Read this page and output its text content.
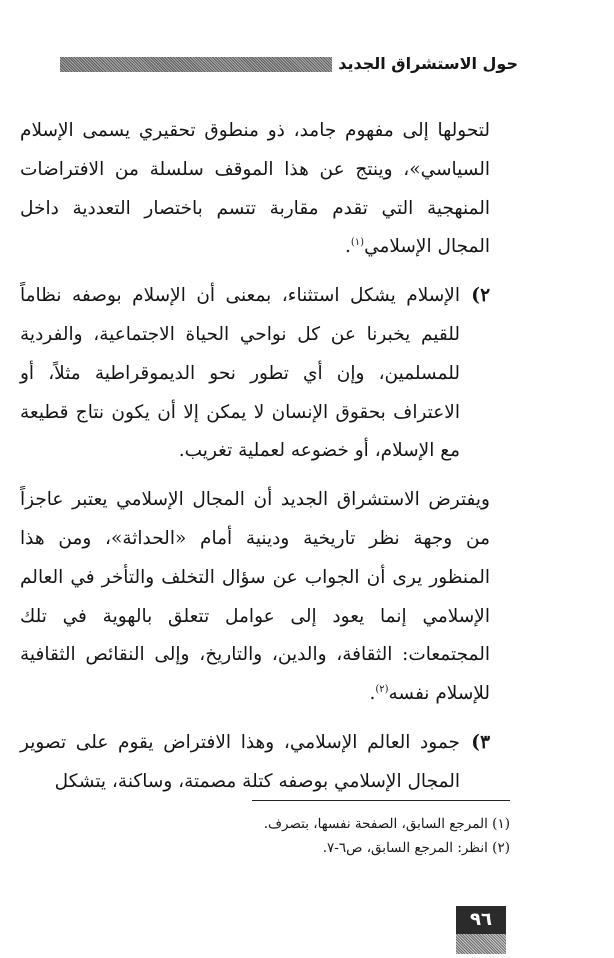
حول الاستشراق الجديد

لتحولها إلى مفهوم جامد، ذو منطوق تحقيري يسمى الإسلام السياسي»، وينتج عن هذا الموقف سلسلة من الافتراضات المنهجية التي تقدم مقاربة تتسم باختصار التعددية داخل المجال الإسلامي$^{(١)}$.

٢)
الإسلام يشكل استثناء، بمعنى أن الإسلام بوصفه نظاماً للقيم يخبرنا عن كل نواحي الحياة الاجتماعية، والفردية للمسلمين، وإن أي تطور نحو الديموقراطية مثلاً، أو الاعتراف بحقوق الإنسان لا يمكن إلا أن يكون نتاج قطيعة مع الإسلام، أو خضوعه لعملية تغريب.

ويفترض الاستشراق الجديد أن المجال الإسلامي يعتبر عاجزاً من وجهة نظر تاريخية ودينية أمام «الحداثة»، ومن هذا المنظور يرى أن الجواب عن سؤال التخلف والتأخر في العالم الإسلامي إنما يعود إلى عوامل تتعلق بالهوية في تلك المجتمعات: الثقافة، والدين، والتاريخ، وإلى النقائص الثقافية للإسلام نفسه$^{(٢)}$.

٣)
جمود العالم الإسلامي، وهذا الافتراض يقوم على تصوير المجال الإسلامي بوصفه كتلة مصمتة، وساكنة، يتشكل

(١) المرجع السابق، الصفحة نفسها، بتصرف.
(٢) انظر: المرجع السابق، ص٦-٧.
٩٦
